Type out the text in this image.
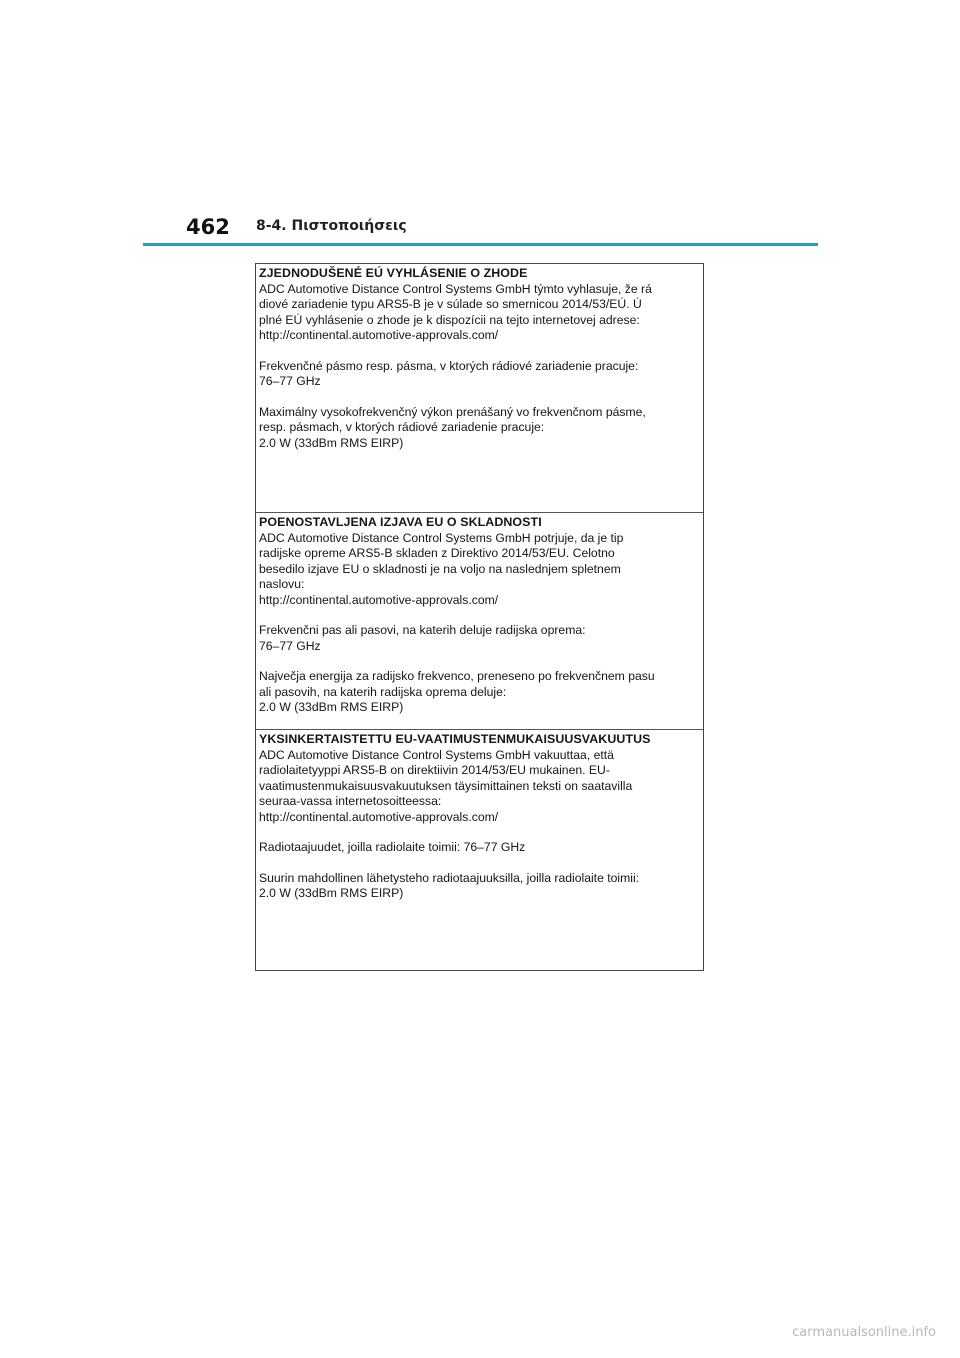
462 8-4. Πιστοποιήσεις
ZJEDNODUŠENÉ EÚ VYHLÁSENIE O ZHODE
ADC Automotive Distance Control Systems GmbH týmto vyhlasuje, že rá
diové zariadenie typu ARS5-B je v súlade so smernicou 2014/53/EÚ. Ú
plné EÚ vyhlásenie o zhode je k dispozícii na tejto internetovej adrese:
http://continental.automotive-approvals.com/
Frekvenčné pásmo resp. pásma, v ktorých rádiové zariadenie pracuje:
76–77 GHz
Maximálny vysokofrekvenčný výkon prenášaný vo frekvenčnom pásme,
resp. pásmach, v ktorých rádiové zariadenie pracuje:
2.0 W (33dBm RMS EIRP)
POENOSTAVLJENA IZJAVA EU O SKLADNOSTI
ADC Automotive Distance Control Systems GmbH potrjuje, da je tip
radijske opreme ARS5-B skladen z Direktivo 2014/53/EU. Celotno
besedilo izjave EU o skladnosti je na voljo na naslednjem spletnem
naslovu:
http://continental.automotive-approvals.com/
Frekvenčni pas ali pasovi, na katerih deluje radijska oprema:
76–77 GHz
Največja energija za radijsko frekvenco, preneseno po frekvenčnem pasu
ali pasovih, na katerih radijska oprema deluje:
2.0 W (33dBm RMS EIRP)
YKSINKERTAISTETTU EU-VAATIMUSTENMUKAISUUSVAKUUTUS
ADC Automotive Distance Control Systems GmbH vakuuttaa, että
radiolaitetyyppi ARS5-B on direktiivin 2014/53/EU mukainen. EU-
vaatimustenmukaisuusvakuutuksen täysimittainen teksti on saatavilla
seuraa-vassa internetosoitteessa:
http://continental.automotive-approvals.com/
Radiotaajuudet, joilla radiolaite toimii: 76–77 GHz
Suurin mahdollinen lähetysteho radiotaajuuksilla, joilla radiolaite toimii:
2.0 W (33dBm RMS EIRP)
carmanualsonline.info
